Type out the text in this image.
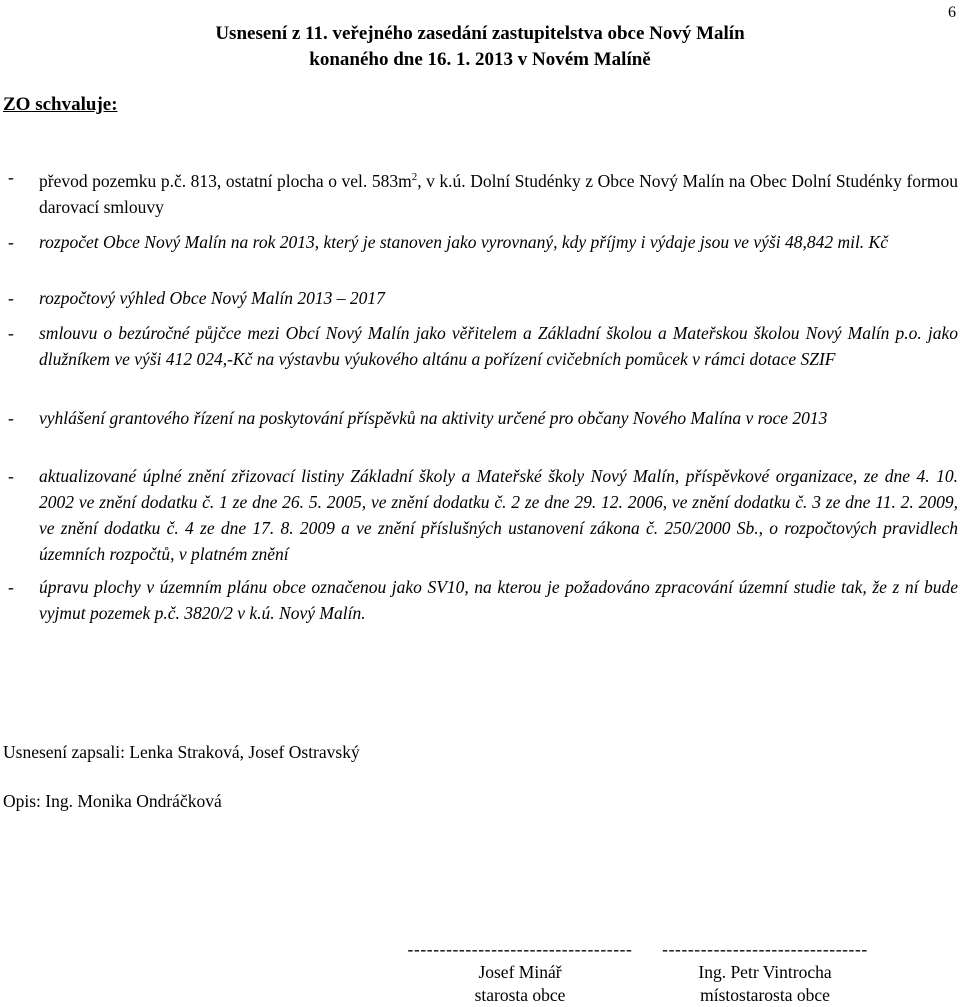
6
Usnesení z 11. veřejného zasedání zastupitelstva obce Nový Malín
konaného dne 16. 1. 2013 v Novém Malíně
ZO schvaluje:
- převod pozemku p.č. 813, ostatní plocha o vel. $583m^2$, v k.ú. Dolní Studénky z Obce Nový Malín na Obec Dolní Studénky formou darovací smlouvy
- rozpočet Obce Nový Malín na rok 2013, který je stanoven jako vyrovnaný, kdy příjmy i výdaje jsou ve výši 48,842 mil. Kč
- rozpočtový výhled Obce Nový Malín 2013 – 2017
- smlouvu o bezúročné půjčce mezi Obcí Nový Malín jako věřitelem a Základní školou a Mateřskou školou Nový Malín p.o. jako dlužníkem ve výši 412 024,-Kč na výstavbu výukového altánu a pořízení cvičebních pomůcek v rámci dotace SZIF
- vyhlášení grantového řízení na poskytování příspěvků na aktivity určené pro občany Nového Malína v roce 2013
- aktualizované úplné znění zřizovací listiny Základní školy a Mateřské školy Nový Malín, příspěvkové organizace, ze dne 4. 10. 2002 ve znění dodatku č. 1 ze dne 26. 5. 2005, ve znění dodatku č. 2 ze dne 29. 12. 2006, ve znění dodatku č. 3 ze dne 11. 2. 2009, ve znění dodatku č. 4 ze dne 17. 8. 2009 a ve znění příslušných ustanovení zákona č. 250/2000 Sb., o rozpočtových pravidlech územních rozpočtů, v platném znění
- úpravu plochy v územním plánu obce označenou jako SV10, na kterou je požadováno zpracování územní studie tak, že z ní bude vyjmut pozemek p.č. 3820/2 v k.ú. Nový Malín.
Usnesení zapsali: Lenka Straková, Josef Ostravský
Opis: Ing. Monika Ondráčková
-----------------------------------
Josef Minář
starosta obce
--------------------------------
Ing. Petr Vintrocha
místostarosta obce
